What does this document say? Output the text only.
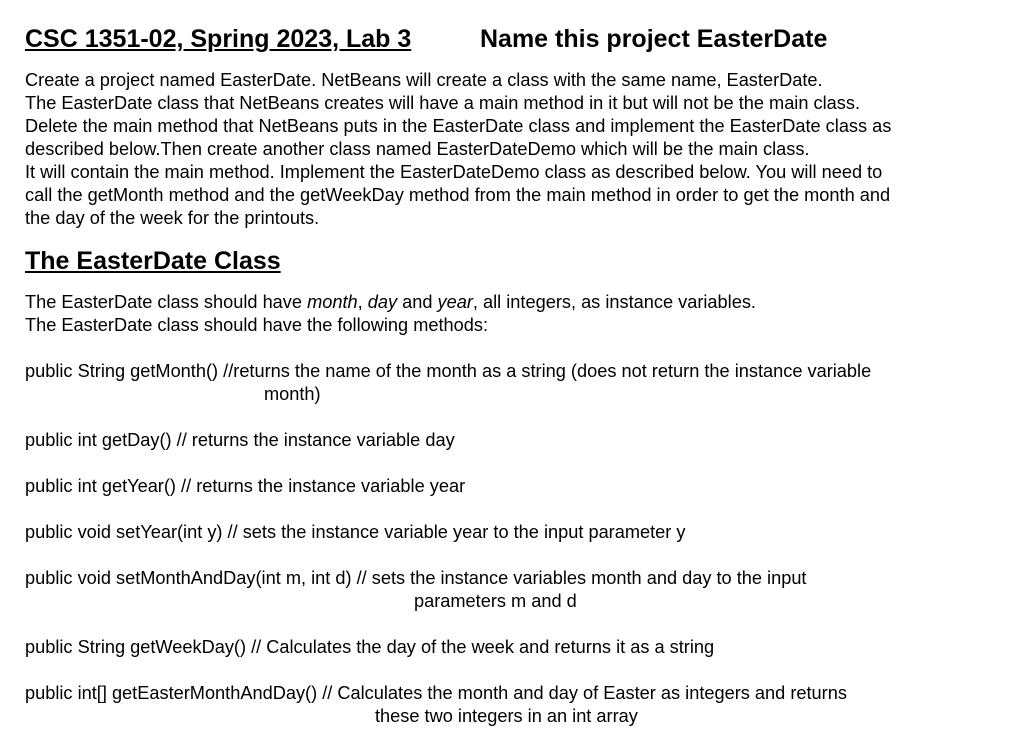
CSC 1351-02, Spring 2023, Lab 3	Name this project EasterDate
Create a project named EasterDate. NetBeans will create a class with the same name, EasterDate.
The EasterDate class that NetBeans creates will have a main method in it but will not be the main class.
Delete the main method that NetBeans puts in the EasterDate class and implement the EasterDate class as
described below.Then create another class named EasterDateDemo which will be the main class.
It will contain the main method. Implement the EasterDateDemo class as described below. You will need to
call the getMonth method and the getWeekDay method from the main method in order to get the month and
the day of the week for the printouts.
The EasterDate Class
The EasterDate class should have month, day and year, all integers, as instance variables.
The EasterDate class should have the following methods:
public String getMonth() //returns the name of the month as a string (does not return the instance variable
month)
public int getDay() // returns the instance variable day
public int getYear() // returns the instance variable year
public void setYear(int y) // sets the instance variable year to the input parameter y
public void setMonthAndDay(int m, int d) // sets the instance variables month and day to the input
parameters m and d
public String getWeekDay() // Calculates the day of the week and returns it as a string
public int[] getEasterMonthAndDay() // Calculates the month and day of Easter as integers and returns
these two integers in an int array
